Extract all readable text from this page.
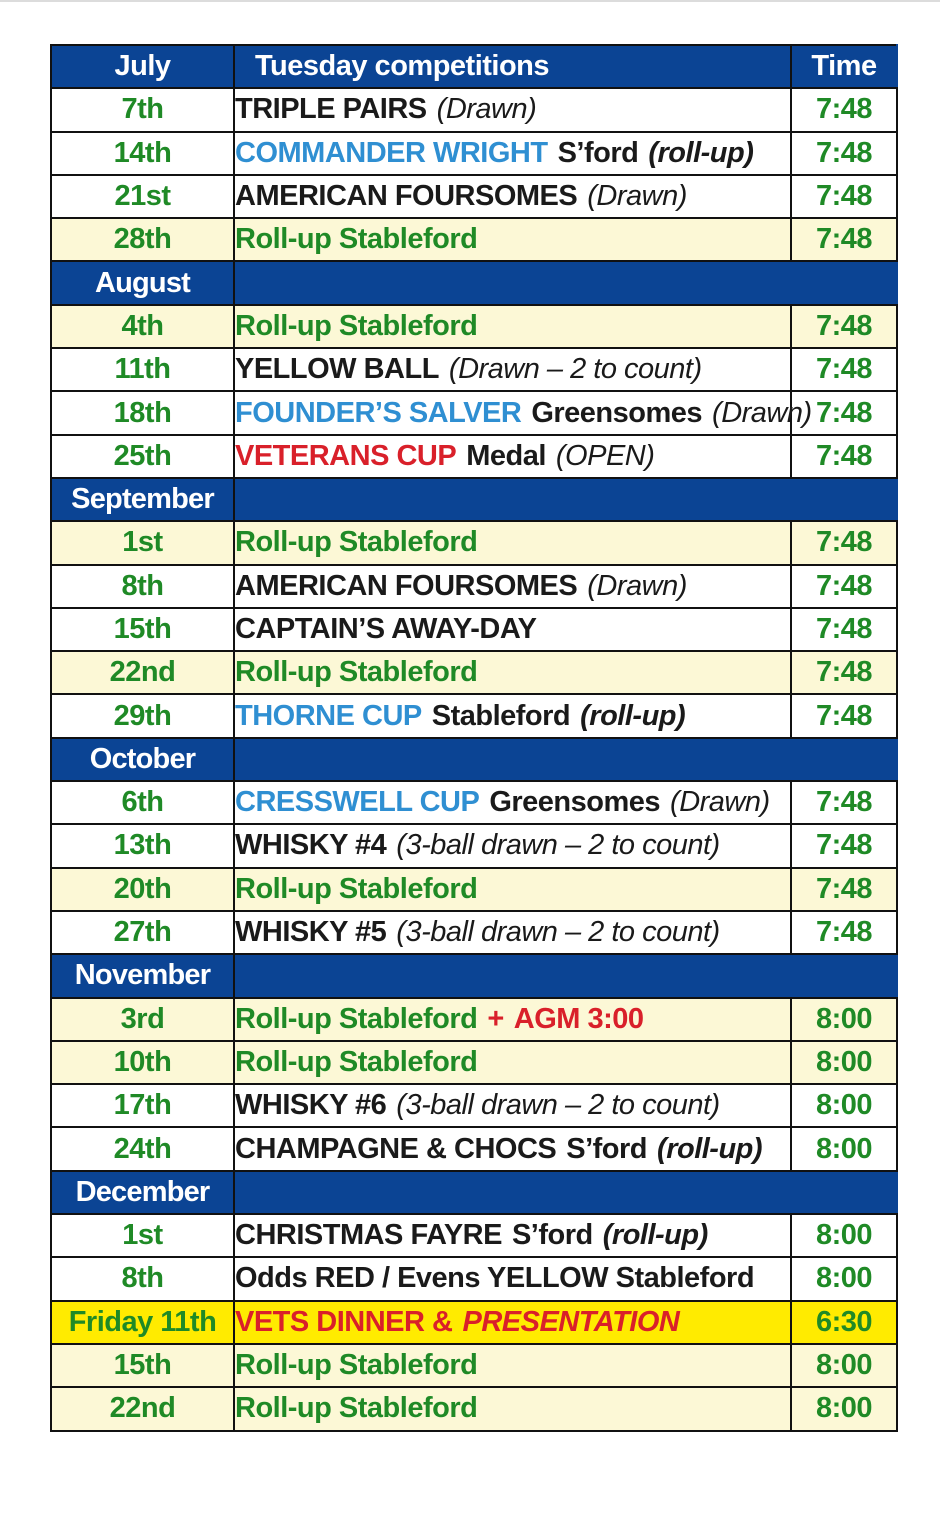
July	Tuesday competitions	Time
7th	TRIPLE PAIRS (Drawn)	7:48
14th	COMMANDER WRIGHT S’ford (roll-up)	7:48
21st	AMERICAN FOURSOMES (Drawn)	7:48
28th	Roll-up Stableford	7:48
August		
4th	Roll-up Stableford	7:48
11th	YELLOW BALL (Drawn – 2 to count)	7:48
18th	FOUNDER’S SALVER Greensomes (Drawn)	7:48
25th	VETERANS CUP Medal (OPEN)	7:48
September		
1st	Roll-up Stableford	7:48
8th	AMERICAN FOURSOMES (Drawn)	7:48
15th	CAPTAIN’S AWAY-DAY	7:48
22nd	Roll-up Stableford	7:48
29th	THORNE CUP Stableford (roll-up)	7:48
October		
6th	CRESSWELL CUP Greensomes (Drawn)	7:48
13th	WHISKY #4 (3-ball drawn – 2 to count)	7:48
20th	Roll-up Stableford	7:48
27th	WHISKY #5 (3-ball drawn – 2 to count)	7:48
November		
3rd	Roll-up Stableford + AGM 3:00	8:00
10th	Roll-up Stableford	8:00
17th	WHISKY #6 (3-ball drawn – 2 to count)	8:00
24th	CHAMPAGNE & CHOCS S’ford (roll-up)	8:00
December		
1st	CHRISTMAS FAYRE S’ford (roll-up)	8:00
8th	Odds RED / Evens YELLOW Stableford	8:00
Friday 11th	VETS DINNER & PRESENTATION	6:30
15th	Roll-up Stableford	8:00
22nd	Roll-up Stableford	8:00
